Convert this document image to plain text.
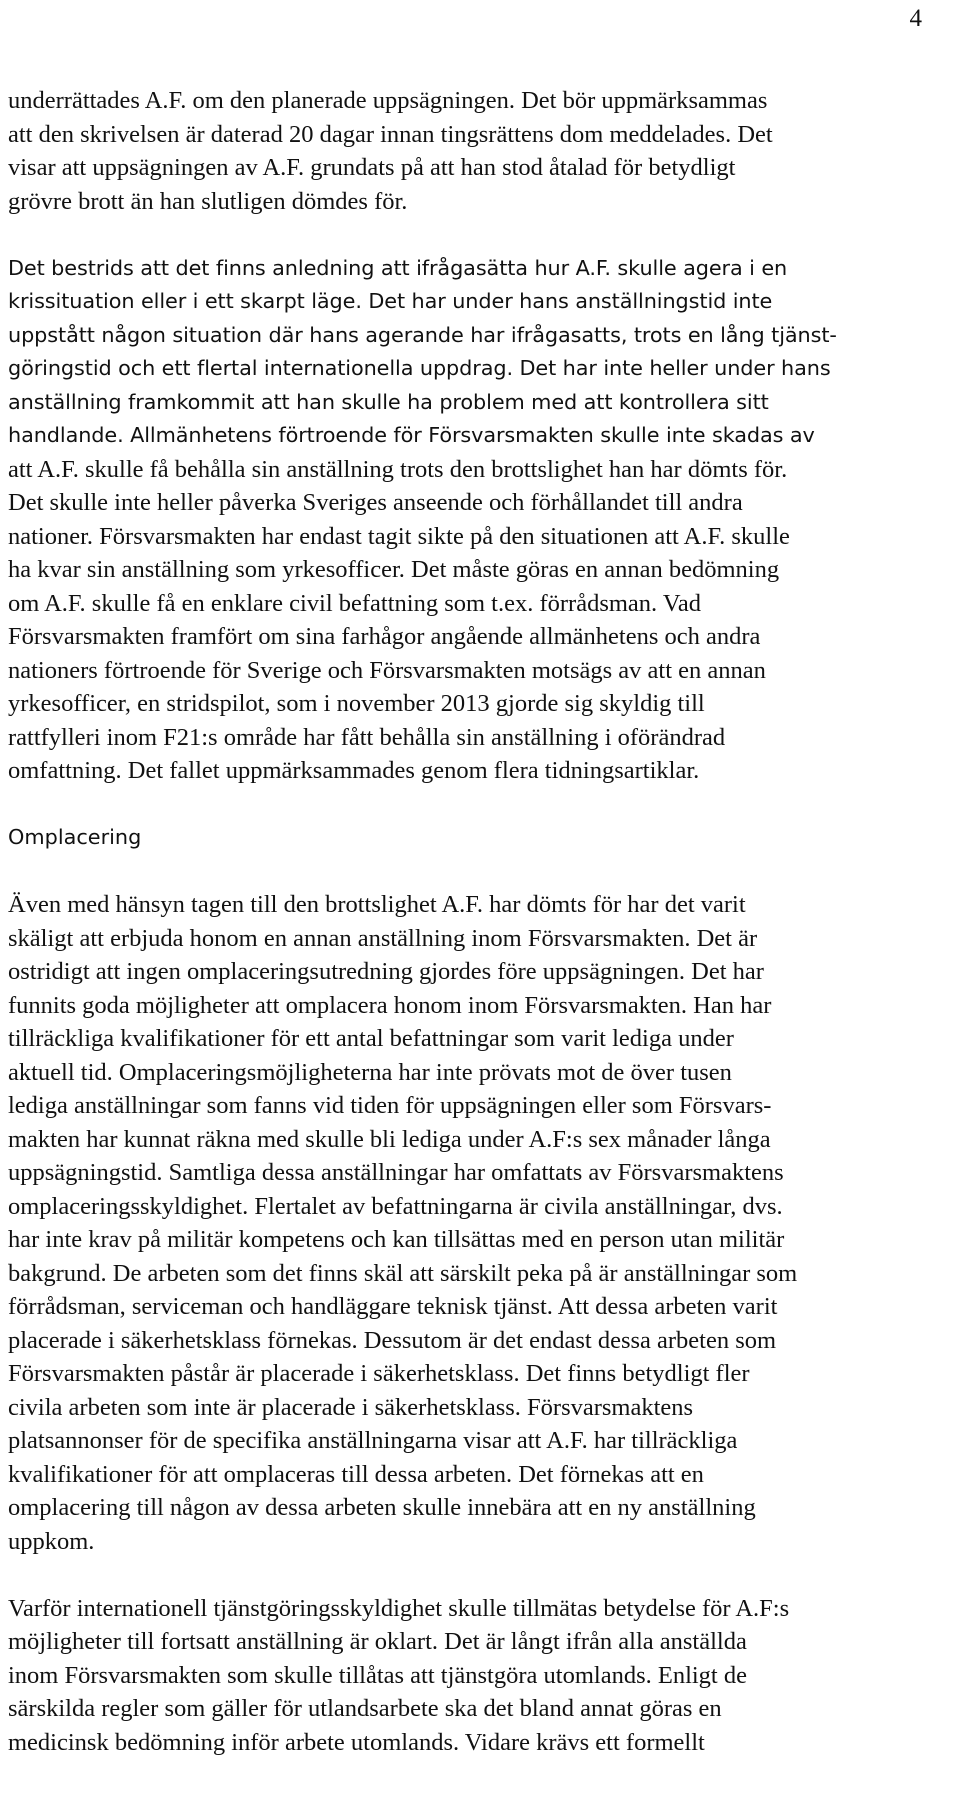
4

underrättades A.F. om den planerade uppsägningen. Det bör uppmärksammas
att den skrivelsen är daterad 20 dagar innan tingsrättens dom meddelades. Det
visar att uppsägningen av A.F. grundats på att han stod åtalad för betydligt
grövre brott än han slutligen dömdes för.

Det bestrids att det finns anledning att ifrågasätta hur A.F. skulle agera i en
krissituation eller i ett skarpt läge. Det har under hans anställningstid inte
uppstått någon situation där hans agerande har ifrågasatts, trots en lång tjänst-
göringstid och ett flertal internationella uppdrag. Det har inte heller under hans
anställning framkommit att han skulle ha problem med att kontrollera sitt
handlande. Allmänhetens förtroende för Försvarsmakten skulle inte skadas av

att A.F. skulle få behålla sin anställning trots den brottslighet han har dömts för.
Det skulle inte heller påverka Sveriges anseende och förhållandet till andra
nationer. Försvarsmakten har endast tagit sikte på den situationen att A.F. skulle
ha kvar sin anställning som yrkesofficer. Det måste göras en annan bedömning
om A.F. skulle få en enklare civil befattning som t.ex. förrådsman. Vad
Försvarsmakten framfört om sina farhågor angående allmänhetens och andra
nationers förtroende för Sverige och Försvarsmakten motsägs av att en annan
yrkesofficer, en stridspilot, som i november 2013 gjorde sig skyldig till
rattfylleri inom F21:s område har fått behålla sin anställning i oförändrad
omfattning. Det fallet uppmärksammades genom flera tidningsartiklar.

Omplacering

Även med hänsyn tagen till den brottslighet A.F. har dömts för har det varit
skäligt att erbjuda honom en annan anställning inom Försvarsmakten. Det är
ostridigt att ingen omplaceringsutredning gjordes före uppsägningen. Det har
funnits goda möjligheter att omplacera honom inom Försvarsmakten. Han har
tillräckliga kvalifikationer för ett antal befattningar som varit lediga under
aktuell tid. Omplaceringsmöjligheterna har inte prövats mot de över tusen
lediga anställningar som fanns vid tiden för uppsägningen eller som Försvars-
makten har kunnat räkna med skulle bli lediga under A.F:s sex månader långa
uppsägningstid. Samtliga dessa anställningar har omfattats av Försvarsmaktens
omplaceringsskyldighet. Flertalet av befattningarna är civila anställningar, dvs.
har inte krav på militär kompetens och kan tillsättas med en person utan militär
bakgrund. De arbeten som det finns skäl att särskilt peka på är anställningar som
förrådsman, serviceman och handläggare teknisk tjänst. Att dessa arbeten varit
placerade i säkerhetsklass förnekas. Dessutom är det endast dessa arbeten som
Försvarsmakten påstår är placerade i säkerhetsklass. Det finns betydligt fler
civila arbeten som inte är placerade i säkerhetsklass. Försvarsmaktens
platsannonser för de specifika anställningarna visar att A.F. har tillräckliga
kvalifikationer för att omplaceras till dessa arbeten. Det förnekas att en
omplacering till någon av dessa arbeten skulle innebära att en ny anställning
uppkom.

Varför internationell tjänstgöringsskyldighet skulle tillmätas betydelse för A.F:s
möjligheter till fortsatt anställning är oklart. Det är långt ifrån alla anställda
inom Försvarsmakten som skulle tillåtas att tjänstgöra utomlands. Enligt de
särskilda regler som gäller för utlandsarbete ska det bland annat göras en
medicinsk bedömning inför arbete utomlands. Vidare krävs ett formellt
